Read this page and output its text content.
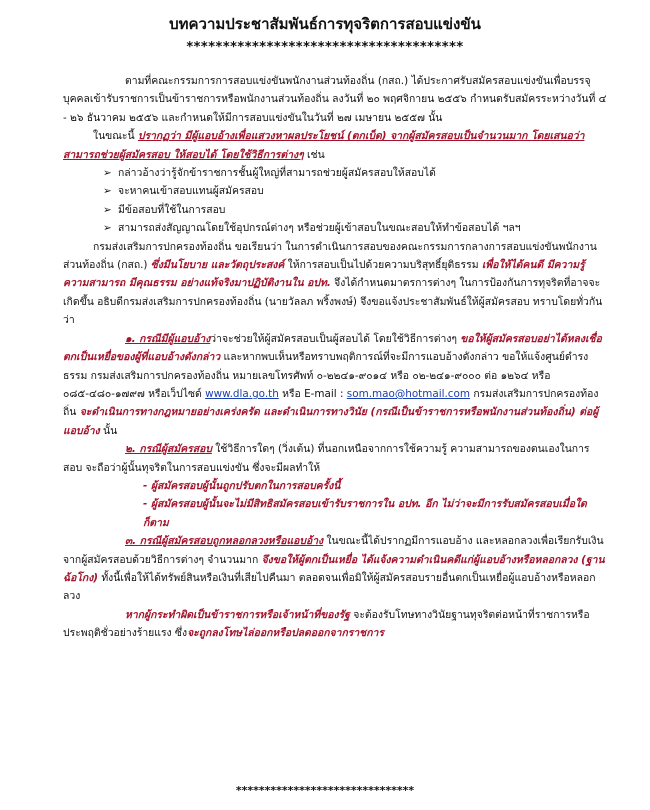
บทความประชาสัมพันธ์การทุจริตการสอบแข่งขัน
**************************************

ตามที่คณะกรรมการการสอบแข่งขันพนักงานส่วนท้องถิ่น (กสถ.) ได้ประกาศรับสมัครสอบแข่งขันเพื่อบรรจุบุคคลเข้ารับราชการเป็นข้าราชการหรือพนักงานส่วนท้องถิ่น ลงวันที่ ๒๐ พฤศจิกายน ๒๕๕๖ กำหนดรับสมัครระหว่างวันที่ ๔ - ๒๖ ธันวาคม ๒๕๕๖ และกำหนดให้มีการสอบแข่งขันในวันที่ ๒๗ เมษายน ๒๕๕๗ นั้น

ในขณะนี้ ปรากฏว่า มีผู้แอบอ้างเพื่อแสวงหาผลประโยชน์ (ตกเบ็ด) จากผู้สมัครสอบเป็นจำนวนมาก โดยเสนอว่าสามารถช่วยผู้สมัครสอบ ให้สอบได้ โดยใช้วิธีการต่างๆ เช่น

➢ กล่าวอ้างว่ารู้จักข้าราชการชั้นผู้ใหญ่ที่สามารถช่วยผู้สมัครสอบให้สอบได้

➢ จะหาคนเข้าสอบแทนผู้สมัครสอบ

➢ มีข้อสอบที่ใช้ในการสอบ

➢ สามารถส่งสัญญาณโดยใช้อุปกรณ์ต่างๆ หรือช่วยผู้เข้าสอบในขณะสอบให้ทำข้อสอบได้ ฯลฯ

กรมส่งเสริมการปกครองท้องถิ่น ขอเรียนว่า ในการดำเนินการสอบของคณะกรรมการกลางการสอบแข่งขันพนักงานส่วนท้องถิ่น (กสถ.) ซึ่งมีนโยบาย และวัตถุประสงค์ ให้การสอบเป็นไปด้วยความบริสุทธิ์ยุติธรรม เพื่อให้ได้คนดี มีความรู้ ความสามารถ มีคุณธรรม อย่างแท้จริงมาปฏิบัติงานใน อปท. จึงได้กำหนดมาตรการต่างๆ ในการป้องกันการทุจริตที่อาจจะเกิดขึ้น อธิบดีกรมส่งเสริมการปกครองท้องถิ่น (นายวัลลภ พริ้งพงษ์) จึงขอแจ้งประชาสัมพันธ์ให้ผู้สมัครสอบ ทราบโดยทั่วกันว่า

๑. กรณีมีผู้แอบอ้างว่าจะช่วยให้ผู้สมัครสอบเป็นผู้สอบได้ โดยใช้วิธีการต่างๆ ขอให้ผู้สมัครสอบอย่าได้หลงเชื่อตกเป็นเหยื่อของผู้ที่แอบอ้างดังกล่าว และหากพบเห็นหรือทราบพฤติการณ์ที่จะมีการแอบอ้างดังกล่าว ขอให้แจ้งศูนย์ดำรงธรรม กรมส่งเสริมการปกครองท้องถิ่น หมายเลขโทรศัพท์ ๐-๒๒๔๑-๙๐๑๔ หรือ ๐๒-๒๔๑-๙๐๐๐ ต่อ ๑๒๖๔ หรือ ๐๘๕-๔๘๐-๑๗๙๗ หรือเว็ปไซด์ www.dla.go.th หรือ E-mail : som.mao@hotmail.com กรมส่งเสริมการปกครองท้องถิ่น จะดำเนินการทางกฎหมายอย่างเคร่งครัด และดำเนินการทางวินัย (กรณีเป็นข้าราชการหรือพนักงานส่วนท้องถิ่น) ต่อผู้แอบอ้าง นั้น

๒. กรณีผู้สมัครสอบ ใช้วิธีการใดๆ (วิ่งเต้น) ที่นอกเหนือจากการใช้ความรู้ ความสามารถของตนเองในการสอบ จะถือว่าผู้นั้นทุจริตในการสอบแข่งขัน ซึ่งจะมีผลทำให้

- ผู้สมัครสอบผู้นั้นถูกปรับตกในการสอบครั้งนี้

- ผู้สมัครสอบผู้นั้นจะไม่มีสิทธิสมัครสอบเข้ารับราชการใน อปท. อีก ไม่ว่าจะมีการรับสมัครสอบเมื่อใดก็ตาม

๓. กรณีผู้สมัครสอบถูกหลอกลวงหรือแอบอ้าง ในขณะนี้ได้ปรากฏมีการแอบอ้าง และหลอกลวงเพื่อเรียกรับเงินจากผู้สมัครสอบด้วยวิธีการต่างๆ จำนวนมาก จึงขอให้ผู้ตกเป็นเหยื่อ ได้แจ้งความดำเนินคดีแก่ผู้แอบอ้างหรือหลอกลวง (ฐานฉ้อโกง) ทั้งนี้เพื่อให้ได้ทรัพย์สินหรือเงินที่เสียไปคืนมา ตลอดจนเพื่อมิให้ผู้สมัครสอบรายอื่นตกเป็นเหยื่อผู้แอบอ้างหรือหลอกลวง

หากผู้กระทำผิดเป็นข้าราชการหรือเจ้าหน้าที่ของรัฐ จะต้องรับโทษทางวินัยฐานทุจริตต่อหน้าที่ราชการหรือประพฤติชั่วอย่างร้ายแรง ซึ่งจะถูกลงโทษไล่ออกหรือปลดออกจากราชการ

*******************************
